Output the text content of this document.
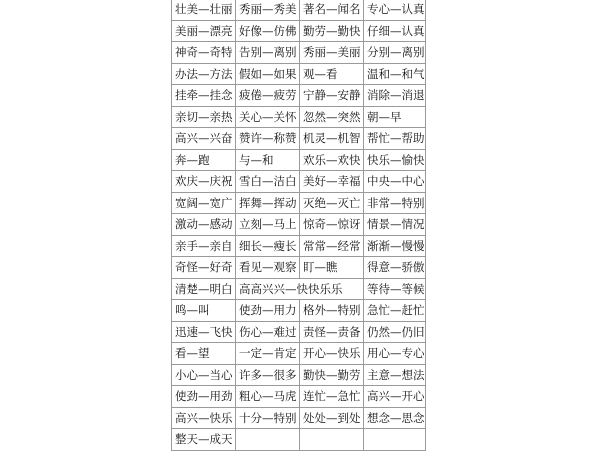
壮美—壮丽	秀丽—秀美	著名—闻名	专心—认真
美丽—漂亮	好像—仿佛	勤劳—勤快	仔细—认真
神奇—奇特	告别—离别	秀丽—美丽	分别—离别
办法—方法	假如—如果	观—看	温和—和气
挂牵—挂念	疲倦—疲劳	宁静—安静	消除—消退
亲切—亲热	关心—关怀	忽然—突然	朝—早
高兴—兴奋	赞许—称赞	机灵—机智	帮忙—帮助
奔—跑	与—和	欢乐—欢快	快乐—愉快
欢庆—庆祝	雪白—洁白	美好—幸福	中央—中心
宽阔—宽广	挥舞—挥动	灭绝—灭亡	非常—特别
激动—感动	立刻—马上	惊奇—惊讶	情景—情况
亲手—亲自	细长—瘦长	常常—经常	渐渐—慢慢
奇怪—好奇	看见—观察	盯—瞧	得意—骄傲
清楚—明白	高高兴兴—快快乐乐		等待—等候
鸣—叫	使劲—用力	格外—特别	急忙—赶忙
迅速—飞快	伤心—难过	责怪—责备	仍然—仍旧
看—望	一定—肯定	开心—快乐	用心—专心
小心—当心	许多—很多	勤快—勤劳	主意—想法
使劲—用劲	粗心—马虎	连忙—急忙	高兴—开心
高兴—快乐	十分—特别	处处—到处	想念—思念
整天—成天			
